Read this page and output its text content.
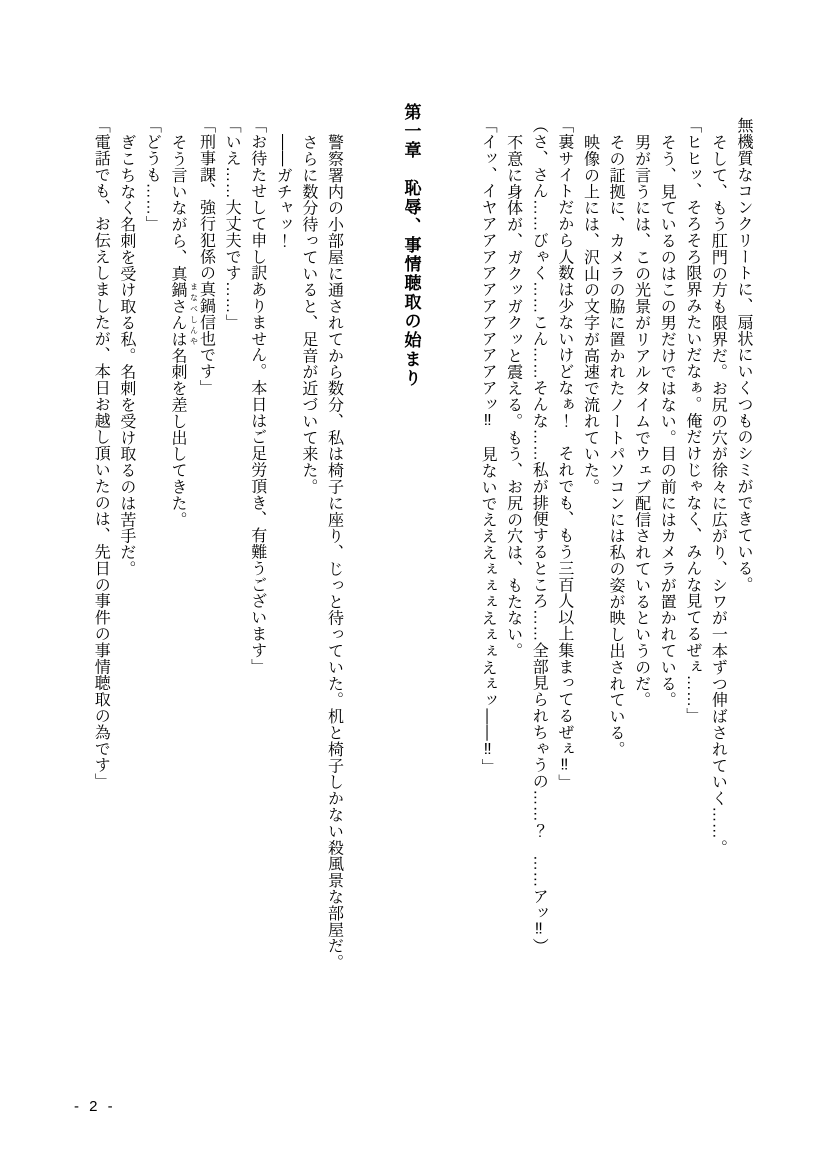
無機質なコンクリートに、扇状にいくつものシミができている。

そして、もう肛門の方も限界だ。お尻の穴が徐々に広がり、シワが一本ずつ伸ばされていく……。

「ヒヒッ、そろそろ限界みたいだなぁ。俺だけじゃなく、みんな見てるぜぇ……」

そう、見ているのはこの男だけではない。目の前にはカメラが置かれている。

男が言うには、この光景がリアルタイムでウェブ配信されているというのだ。

その証拠に、カメラの脇に置かれたノートパソコンには私の姿が映し出されている。

映像の上には、沢山の文字が高速で流れていた。

「裏サイトだから人数は少ないけどなぁ！　それでも、もう三百人以上集まってるぜぇ‼」

（さ、さん……びゃく……こん……そんな……私が排便するところ……全部見られちゃうの……？　……アッ‼）

不意に身体が、ガクッガクッと震える。もう、お尻の穴は、もたない。

「イッ、イヤアアアアアアアアアアアッ‼　見ないでえええぇぇぇえぇぇえぇッ――‼」

第一章　恥辱、事情聴取の始まり

警察署内の小部屋に通されてから数分、私は椅子に座り、じっと待っていた。机と椅子しかない殺風景な部屋だ。

さらに数分待っていると、足音が近づいて来た。

――ガチャッ！

「お待たせして申し訳ありません。本日はご足労頂き、有難うございます」

「いえ……大丈夫です……」

「刑事課、強行犯係の真鍋信也まなべしんやです」

そう言いながら、真鍋さんは名刺を差し出してきた。

「どうも……」

ぎこちなく名刺を受け取る私。名刺を受け取るのは苦手だ。

「電話でも、お伝えしましたが、本日お越し頂いたのは、先日の事件の事情聴取の為です」

- 2 -
